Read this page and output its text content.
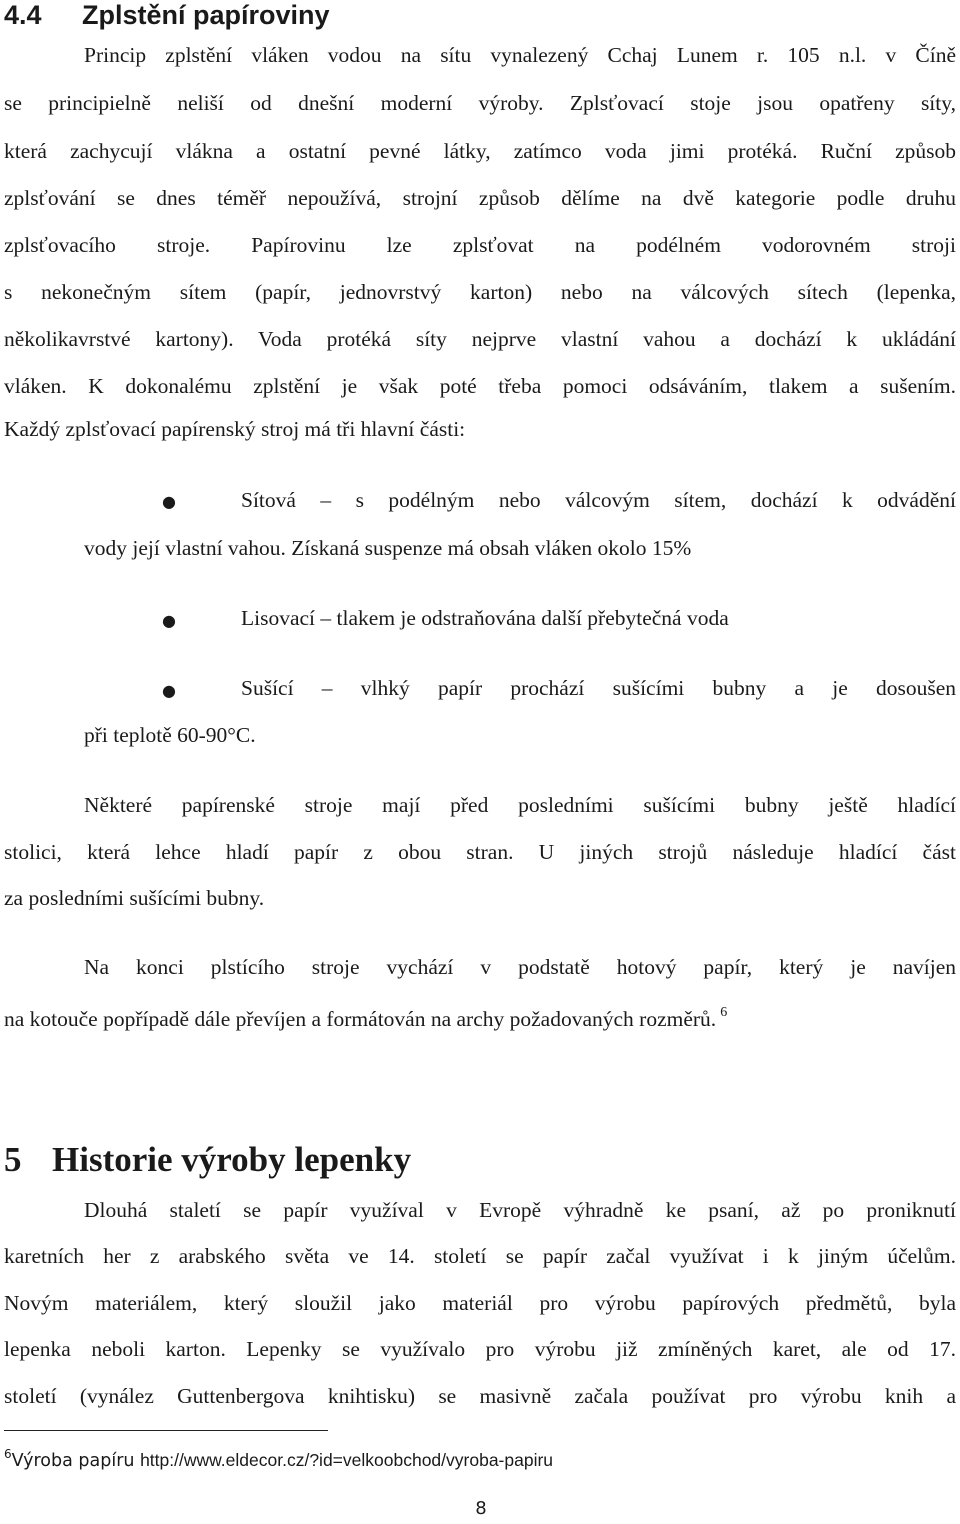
4.4 Zplstění papíroviny
Princip zplstění vláken vodou na sítu vynalezený Cchaj Lunem r. 105 n.l. v Číně
se principielně neliší od dnešní moderní výroby. Zplsťovací stoje jsou opatřeny síty,
která zachycují vlákna a ostatní pevné látky, zatímco voda jimi protéká. Ruční způsob
zplsťování se dnes téměř nepoužívá, strojní způsob dělíme na dvě kategorie podle druhu
zplsťovacího stroje. Papírovinu lze zplsťovat na podélném vodorovném stroji
s nekonečným sítem (papír, jednovrstvý karton) nebo na válcových sítech (lepenka,
několikavrstvé kartony). Voda protéká síty nejprve vlastní vahou a dochází k ukládání
vláken. K dokonalému zplstění je však poté třeba pomoci odsáváním, tlakem a sušením.
Každý zplsťovací papírenský stroj má tři hlavní části:
●	Sítová – s podélným nebo válcovým sítem, dochází k odvádění
vody její vlastní vahou. Získaná suspenze má obsah vláken okolo 15%
●	Lisovací – tlakem je odstraňována další přebytečná voda
●	Sušící – vlhký papír prochází sušícími bubny a je dosoušen
při teplotě 60-90°C.
Některé papírenské stroje mají před posledními sušícími bubny ještě hladící
stolici, která lehce hladí papír z obou stran. U jiných strojů následuje hladící část
za posledními sušícími bubny.
Na konci plstícího stroje vychází v podstatě hotový papír, který je navíjen
na kotouče popřípadě dále převíjen a formátován na archy požadovaných rozměrů. $^6$
5 Historie výroby lepenky
Dlouhá staletí se papír využíval v Evropě výhradně ke psaní, až po proniknutí
karetních her z arabského světa ve 14. století se papír začal využívat i k jiným účelům.
Novým materiálem, který sloužil jako materiál pro výrobu papírových předmětů, byla
lepenka neboli karton. Lepenky se využívalo pro výrobu již zmíněných karet, ale od 17.
století (vynález Guttenbergova knihtisku) se masivně začala používat pro výrobu knih a
$^6$Výroba papíru http://www.eldecor.cz/?id=velkoobchod/vyroba-papiru
8
